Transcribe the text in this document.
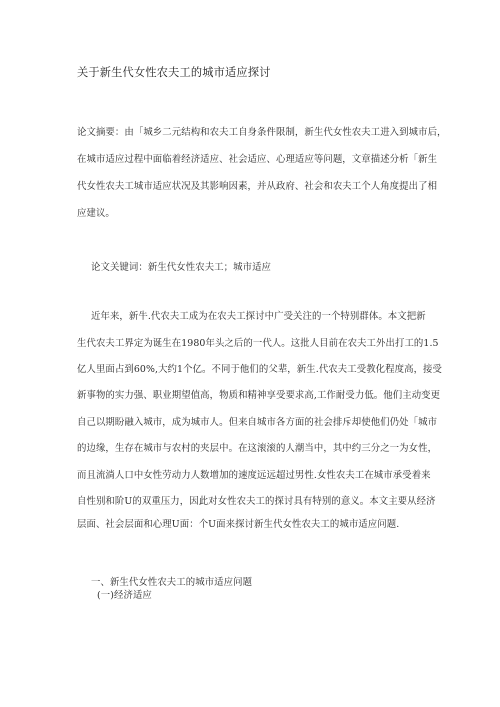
关于新生代女性农夫工的城市适应探讨
论文摘要：由「城乡二元结构和农夫工自身条件限制，新生代女性农夫工进入到城市后，
在城市适应过程中面临着经济适应、社会适应、心理适应等问题，文章描述分析「新生
代女性农夫工城市适应状况及其影响因素，并从政府、社会和农夫工个人角度提出了相
应建议。
论文关键词：新生代女性农夫工；城市适应
近年来，新牛.代农夫工成为在农夫工探讨中广受关注的一个特别群体。本文把新
生代农夫工界定为诞生在1980年头之后的一代人。这批人目前在农夫工外出打工的1.5
亿人里面占到60%,大约1个亿。不同于他们的父辈，新生.代农夫工受教化程度高，接受
新事物的实力强、职业期望值高，物质和精神享受要求高,工作耐受力低。他们主动变更
自己以期盼融入城市，成为城市人。但来自城市各方面的社会排斥却使他们仍处「城市
的边缘，生存在城市与农村的夹层中。在这滚滚的人潮当中，其中约三分之一为女性，
而且流淌人口中女性劳动力人数增加的速度远远超过男性.女性农夫工在城市承受着来
自性别和阶U的双重压力，因此对女性农夫工的探讨具有特别的意义。本文主要从经济
层面、社会层面和心理U面：个U面来探讨新生代女性农夫工的城市适应问题.
一、新生代女性农夫工的城市适应问题
(一)经济适应
